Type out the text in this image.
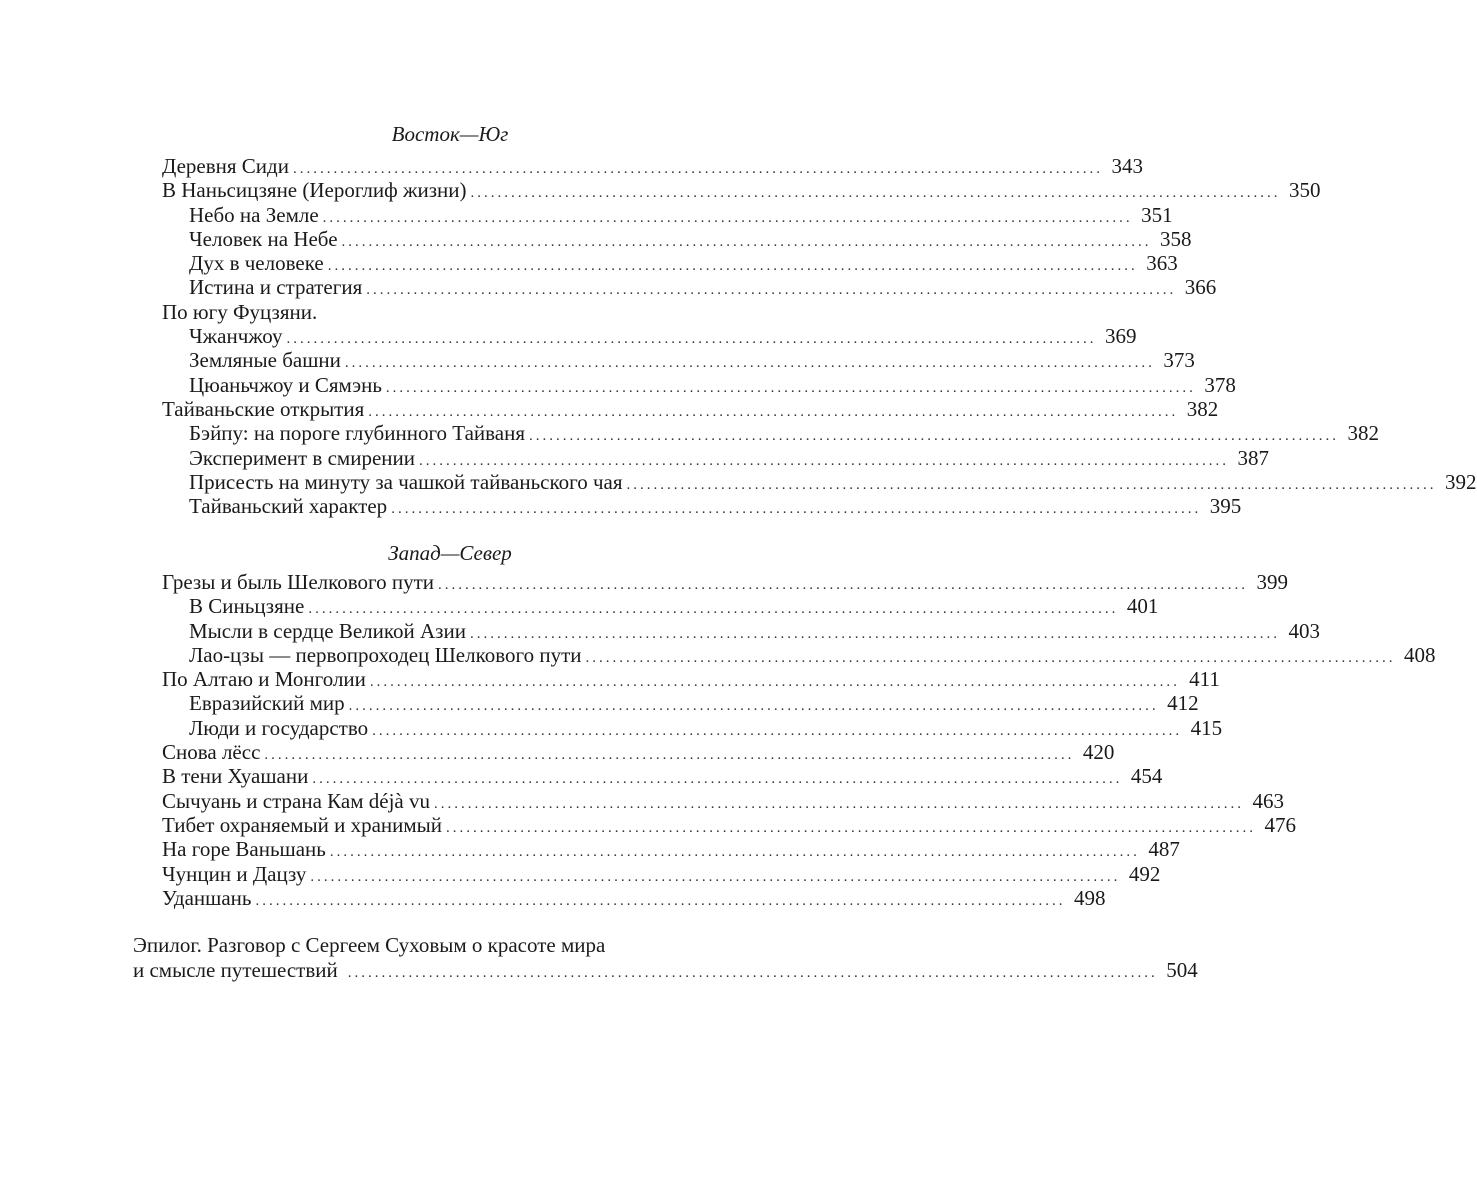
Восток—Юг
Деревня Сиди ........................................................................................................................ 343
В Наньсицзяне (Иероглиф жизни) ........................................................................................................................ 350
Небо на Земле ........................................................................................................................ 351
Человек на Небе ........................................................................................................................ 358
Дух в человеке ........................................................................................................................ 363
Истина и стратегия ........................................................................................................................ 366
По югу Фуцзяни.
Чжанчжоу ........................................................................................................................ 369
Земляные башни ........................................................................................................................ 373
Цюаньчжоу и Сямэнь ........................................................................................................................ 378
Тайваньские открытия ........................................................................................................................ 382
Бэйпу: на пороге глубинного Тайваня ........................................................................................................................ 382
Эксперимент в смирении ........................................................................................................................ 387
Присесть на минуту за чашкой тайваньского чая ........................................................................................................................ 392
Тайваньский характер ........................................................................................................................ 395
Запад—Север
Грезы и быль Шелкового пути ........................................................................................................................ 399
В Синьцзяне ........................................................................................................................ 401
Мысли в сердце Великой Азии ........................................................................................................................ 403
Лао-цзы — первопроходец Шелкового пути ........................................................................................................................ 408
По Алтаю и Монголии ........................................................................................................................ 411
Евразийский мир ........................................................................................................................ 412
Люди и государство ........................................................................................................................ 415
Снова лёсс ........................................................................................................................ 420
В тени Хуашани ........................................................................................................................ 454
Сычуань и страна Кам déjà vu ........................................................................................................................ 463
Тибет охраняемый и хранимый ........................................................................................................................ 476
На горе Ваньшань ........................................................................................................................ 487
Чунцин и Дацзу ........................................................................................................................ 492
Уданшань ........................................................................................................................ 498
Эпилог. Разговор с Сергеем Суховым о красоте мира
и смысле путешествий ........................................................................................................................ 504
